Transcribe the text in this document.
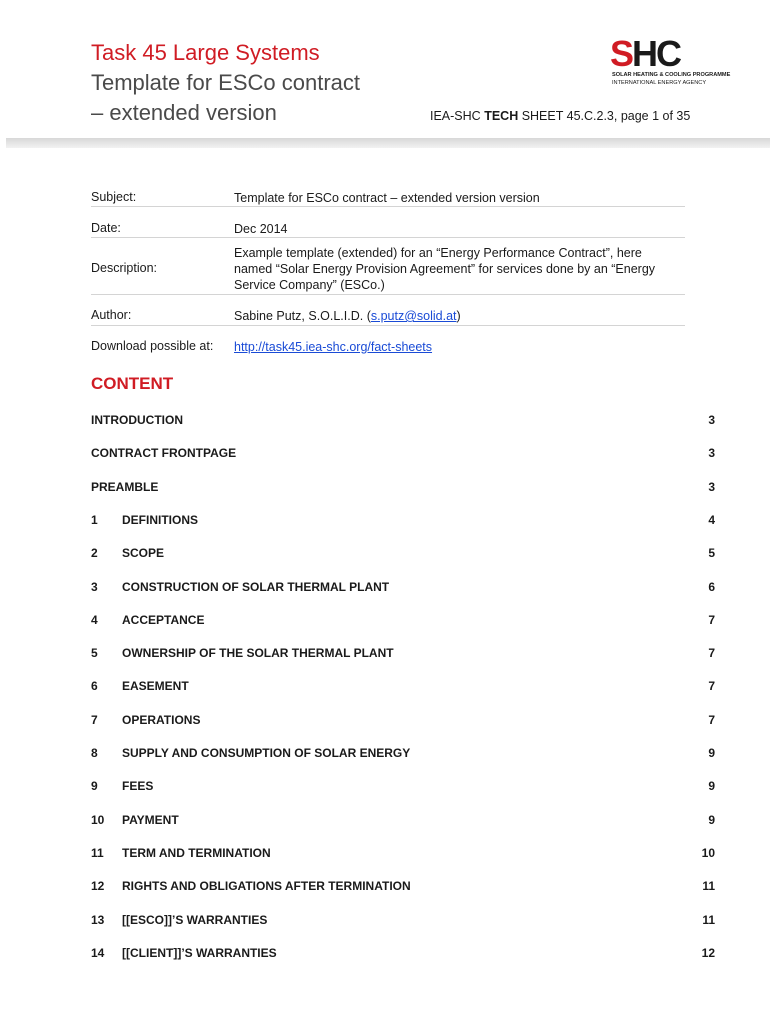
Task 45 Large Systems
Template for ESCo contract
– extended version
SHC
SOLAR HEATING & COOLING PROGRAMME
INTERNATIONAL ENERGY AGENCY
IEA-SHC TECH SHEET 45.C.2.3, page 1 of 35
Subject:	Template for ESCo contract – extended version version
Date:	Dec 2014
Description:
Example template (extended) for an “Energy Performance Contract”, here named “Solar Energy Provision Agreement” for services done by an “Energy Service Company” (ESCo.)
Author:	Sabine Putz, S.O.L.I.D. (s.putz@solid.at)
Download possible at: http://task45.iea-shc.org/fact-sheets
CONTENT
INTRODUCTION	3
CONTRACT FRONTPAGE	3
PREAMBLE	3
1 DEFINITIONS	4
2 SCOPE	5
3 CONSTRUCTION OF SOLAR THERMAL PLANT	6
4 ACCEPTANCE	7
5 OWNERSHIP OF THE SOLAR THERMAL PLANT	7
6 EASEMENT	7
7 OPERATIONS	7
8 SUPPLY AND CONSUMPTION OF SOLAR ENERGY	9
9 FEES	9
10 PAYMENT	9
11 TERM AND TERMINATION	10
12 RIGHTS AND OBLIGATIONS AFTER TERMINATION	11
13 [[ESCO]]’S WARRANTIES	11
14 [[CLIENT]]’S WARRANTIES	12
